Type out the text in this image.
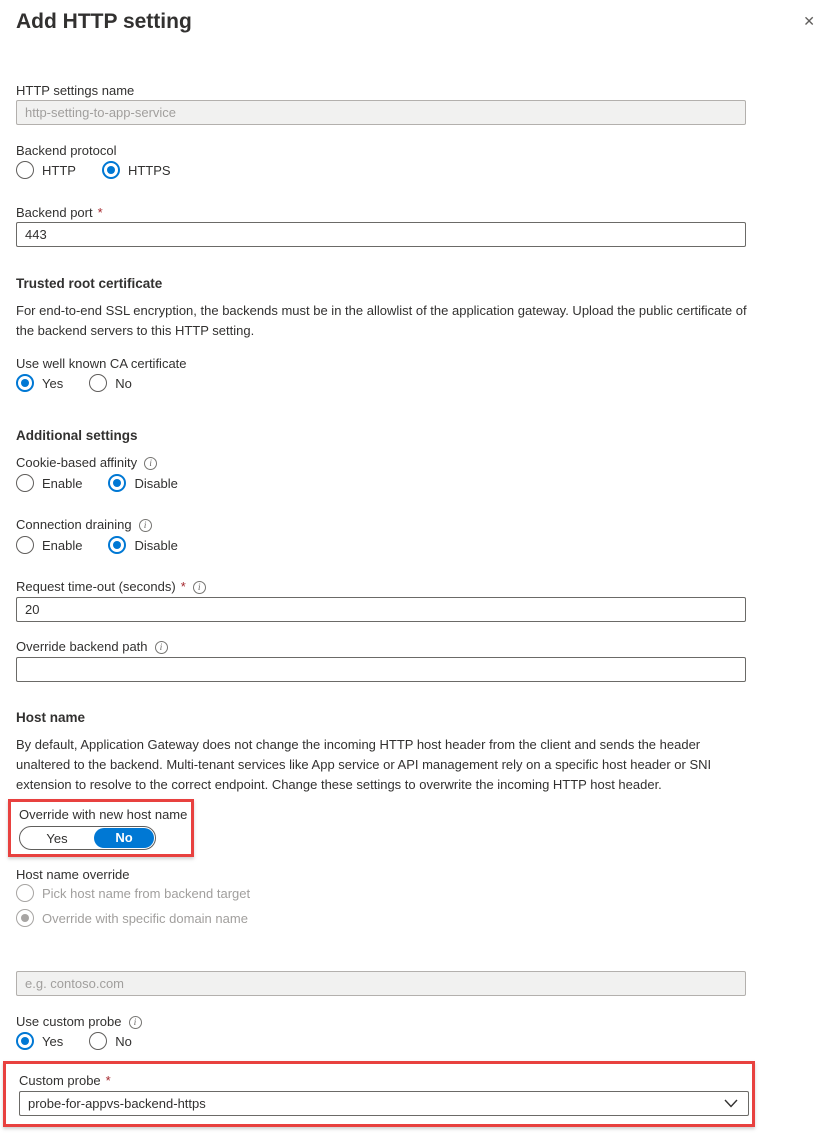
Add HTTP setting	✕
HTTP settings name
http-setting-to-app-service
Backend protocol
HTTP	HTTPS
Backend port *
443
Trusted root certificate
For end-to-end SSL encryption, the backends must be in the allowlist of the application gateway. Upload the public certificate of the backend servers to this HTTP setting.
Use well known CA certificate
Yes	No
Additional settings
Cookie-based affinity	i
Enable	Disable
Connection draining	i
Enable	Disable
Request time-out (seconds) *	i
20
Override backend path	i
Host name
By default, Application Gateway does not change the incoming HTTP host header from the client and sends the header unaltered to the backend. Multi-tenant services like App service or API management rely on a specific host header or SNI extension to resolve to the correct endpoint. Change these settings to overwrite the incoming HTTP host header.
Override with new host name
Yes	No
Host name override
Pick host name from backend target
Override with specific domain name
e.g. contoso.com
Use custom probe	i
Yes	No
Custom probe *
probe-for-appvs-backend-https
